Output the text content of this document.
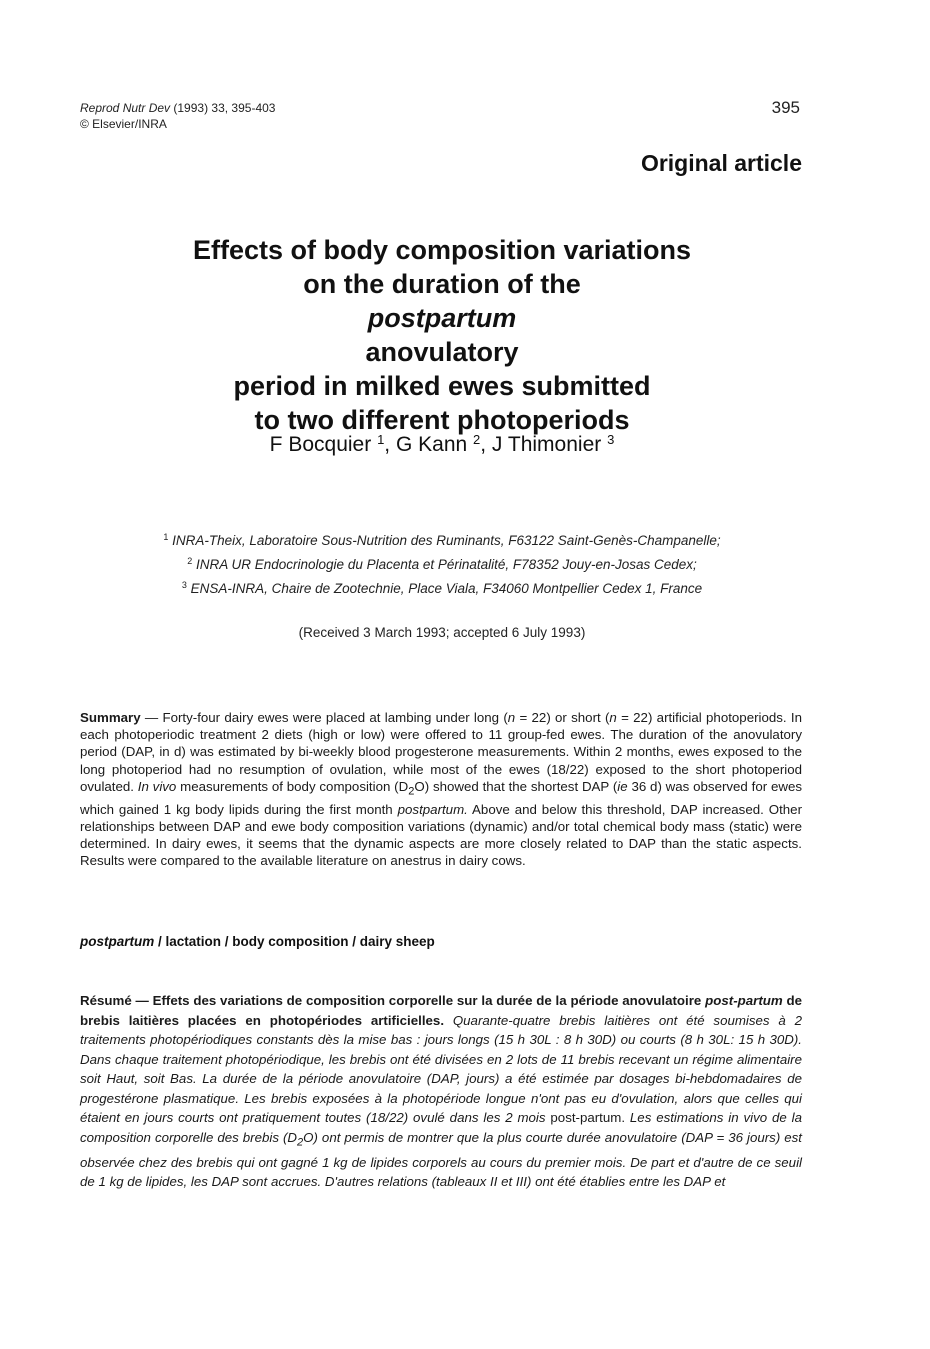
Reprod Nutr Dev (1993) 33, 395-403
© Elsevier/INRA
395
Original article
Effects of body composition variations
on the duration of the
postpartum
anovulatory
period in milked ewes submitted
to two different photoperiods
F Bocquier $^1$, G Kann $^2$, J Thimonier $^3$
$^1$ INRA-Theix, Laboratoire Sous-Nutrition des Ruminants, F63122 Saint-Genès-Champanelle;
$^2$ INRA UR Endocrinologie du Placenta et Périnatalité, F78352 Jouy-en-Josas Cedex;
$^3$ ENSA-INRA, Chaire de Zootechnie, Place Viala, F34060 Montpellier Cedex 1, France
(Received 3 March 1993; accepted 6 July 1993)
Summary — Forty-four dairy ewes were placed at lambing under long (n = 22) or short (n = 22) artificial photoperiods. In each photoperiodic treatment 2 diets (high or low) were offered to 11 group-fed ewes. The duration of the anovulatory period (DAP, in d) was estimated by bi-weekly blood progesterone measurements. Within 2 months, ewes exposed to the long photoperiod had no resumption of ovulation, while most of the ewes (18/22) exposed to the short photoperiod ovulated. In vivo measurements of body composition $(D_2O)$ showed that the shortest DAP (ie 36 d) was observed for ewes which gained 1 kg body lipids during the first month postpartum. Above and below this threshold, DAP increased. Other relationships between DAP and ewe body composition variations (dynamic) and/or total chemical body mass (static) were determined. In dairy ewes, it seems that the dynamic aspects are more closely related to DAP than the static aspects. Results were compared to the available literature on anestrus in dairy cows.
postpartum / lactation / body composition / dairy sheep
Résumé — Effets des variations de composition corporelle sur la durée de la période anovulatoire post-partum de brebis laitières placées en photopériodes artificielles. Quarante-quatre brebis laitières ont été soumises à 2 traitements photopériodiques constants dès la mise bas : jours longs (15 h 30L : 8 h 30D) ou courts (8 h 30L: 15 h 30D). Dans chaque traitement photopériodique, les brebis ont été divisées en 2 lots de 11 brebis recevant un régime alimentaire soit Haut, soit Bas. La durée de la période anovulatoire (DAP, jours) a été estimée par dosages bi-hebdomadaires de progestérone plasmatique. Les brebis exposées à la photopériode longue n'ont pas eu d'ovulation, alors que celles qui étaient en jours courts ont pratiquement toutes (18/22) ovulé dans les 2 mois post-partum. Les estimations in vivo de la composition corporelle des brebis $(D_2O)$ ont permis de montrer que la plus courte durée anovulatoire (DAP = 36 jours) est observée chez des brebis qui ont gagné 1 kg de lipides corporels au cours du premier mois. De part et d'autre de ce seuil de 1 kg de lipides, les DAP sont accrues. D'autres relations (tableaux II et III) ont été établies entre les DAP et
